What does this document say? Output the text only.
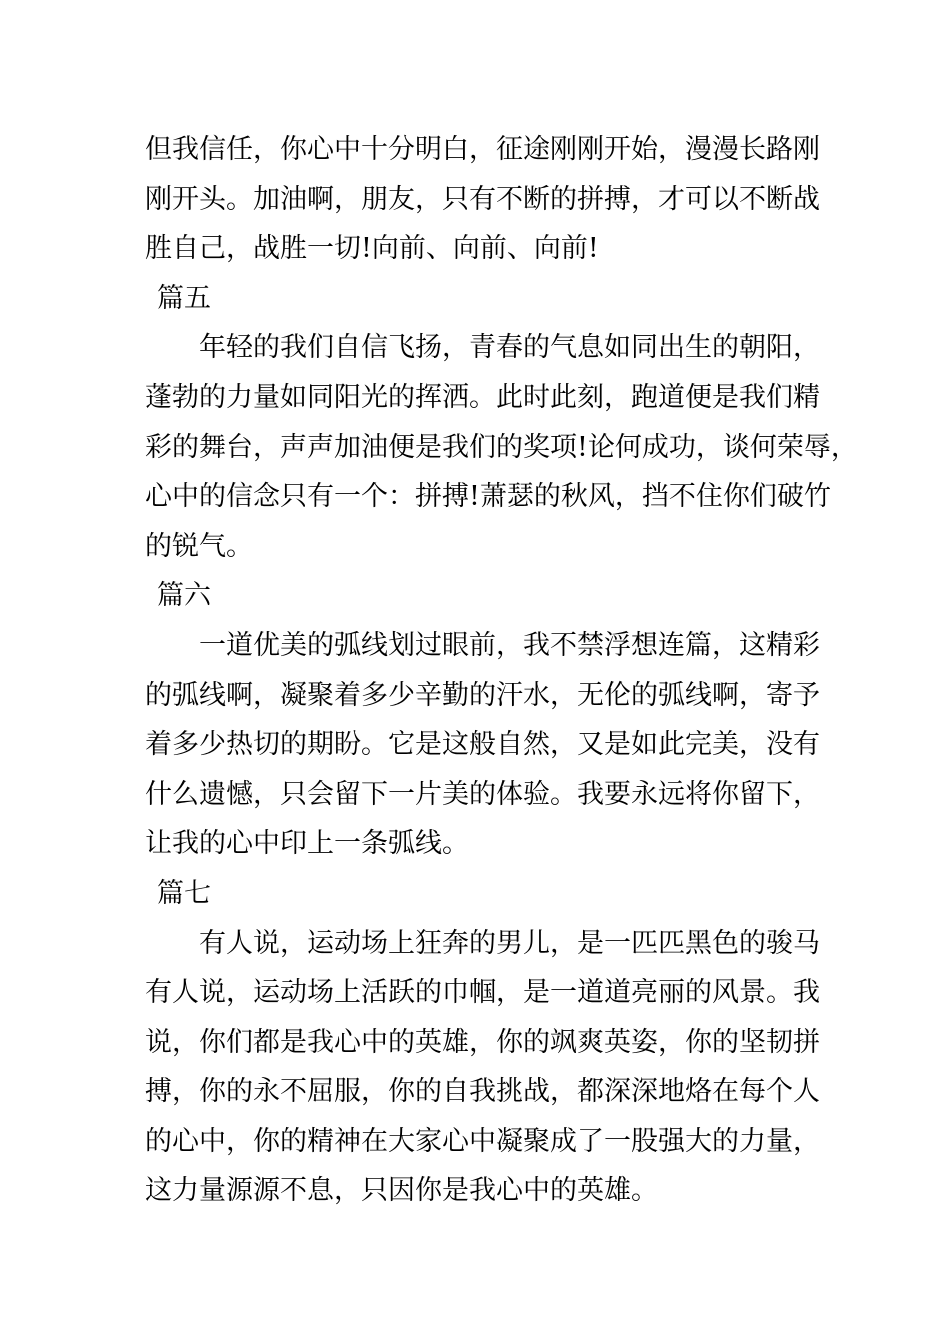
但我信任，你心中十分明白，征途刚刚开始，漫漫长路刚
刚开头。加油啊，朋友，只有不断的拼搏，才可以不断战
胜自己，战胜一切!向前、向前、向前!
篇五
年轻的我们自信飞扬，青春的气息如同出生的朝阳，
蓬勃的力量如同阳光的挥洒。此时此刻，跑道便是我们精
彩的舞台，声声加油便是我们的奖项!论何成功，谈何荣辱，
心中的信念只有一个：拼搏!萧瑟的秋风，挡不住你们破竹
的锐气。
篇六
一道优美的弧线划过眼前，我不禁浮想连篇，这精彩
的弧线啊，凝聚着多少辛勤的汗水，无伦的弧线啊，寄予
着多少热切的期盼。它是这般自然，又是如此完美，没有
什么遗憾，只会留下一片美的体验。我要永远将你留下，
让我的心中印上一条弧线。
篇七
有人说，运动场上狂奔的男儿，是一匹匹黑色的骏马
有人说，运动场上活跃的巾帼，是一道道亮丽的风景。我
说，你们都是我心中的英雄，你的飒爽英姿，你的坚韧拼
搏，你的永不屈服，你的自我挑战，都深深地烙在每个人
的心中，你的精神在大家心中凝聚成了一股强大的力量，
这力量源源不息，只因你是我心中的英雄。
